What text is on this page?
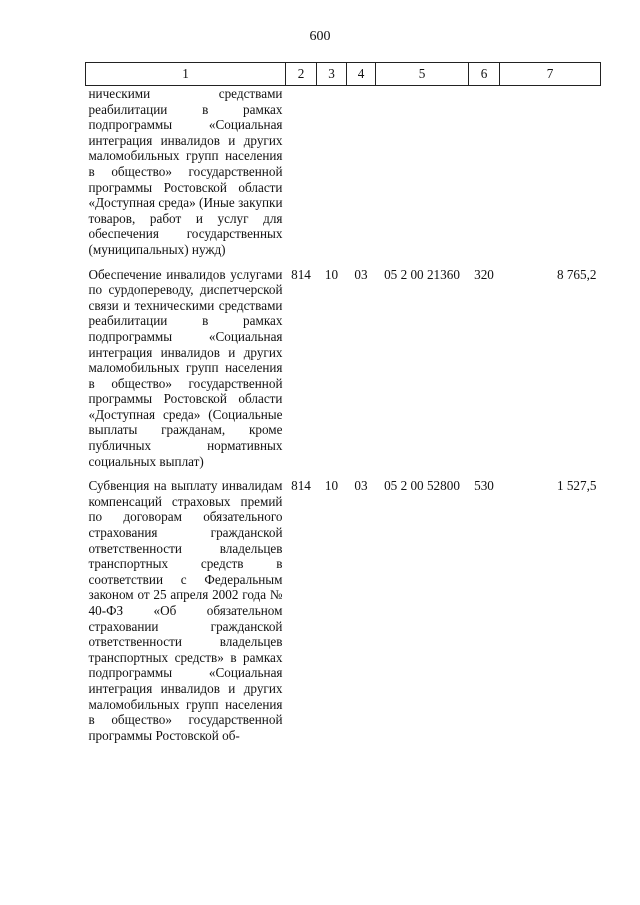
600
1	2	3	4	5	6	7
ническими средствами реабилитации в рамках подпрограммы «Социальная интеграция инвалидов и других маломобильных групп населения в общество» государственной программы Ростовской области «Доступная среда» (Иные закупки товаров, работ и услуг для обеспечения государственных (муниципальных) нужд)						
Обеспечение инвалидов услугами по сурдопереводу, диспетчерской связи и техническими средствами реабилитации в рамках подпрограммы «Социальная интеграция инвалидов и других маломобильных групп населения в общество» государственной программы Ростовской области «Доступная среда» (Социальные выплаты гражданам, кроме публичных нормативных социальных выплат)	814	10	03	05 2 00 21360	320	8 765,2
Субвенция на выплату инвалидам компенсаций страховых премий по договорам обязательного страхования гражданской ответственности владельцев транспортных средств в соответствии с Федеральным законом от 25 апреля 2002 года № 40-ФЗ «Об обязательном страховании гражданской ответственности владельцев транспортных средств» в рамках подпрограммы «Социальная интеграция инвалидов и других маломобильных групп населения в общество» государственной программы Ростовской об-	814	10	03	05 2 00 52800	530	1 527,5
